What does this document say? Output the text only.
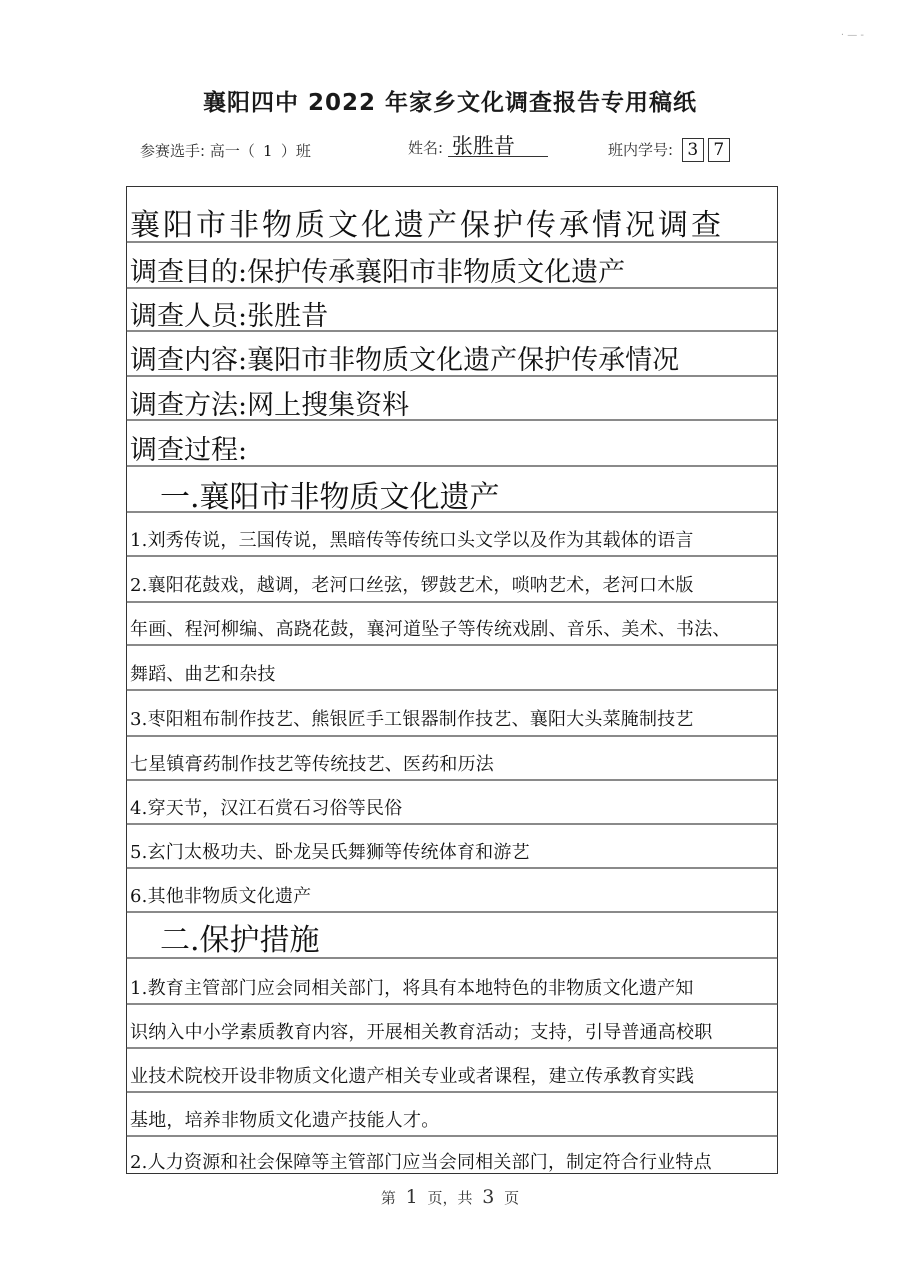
· — -
襄阳四中 2022 年家乡文化调查报告专用稿纸
参赛选手: 高一（ 1 ）班	姓名: 张胜昔	班内学号: 3 7
襄阳市非物质文化遗产保护传承情况调查
调查目的:保护传承襄阳市非物质文化遗产
调查人员:张胜昔
调查内容:襄阳市非物质文化遗产保护传承情况
调查方法:网上搜集资料
调查过程:
一.襄阳市非物质文化遗产
1.刘秀传说，三国传说，黑暗传等传统口头文学以及作为其载体的语言
2.襄阳花鼓戏，越调，老河口丝弦，锣鼓艺术，唢呐艺术，老河口木版
年画、程河柳编、高跷花鼓，襄河道坠子等传统戏剧、音乐、美术、书法、
舞蹈、曲艺和杂技
3.枣阳粗布制作技艺、熊银匠手工银器制作技艺、襄阳大头菜腌制技艺
七星镇膏药制作技艺等传统技艺、医药和历法
4.穿天节，汉江石赏石习俗等民俗
5.玄门太极功夫、卧龙吴氏舞狮等传统体育和游艺
6.其他非物质文化遗产
二.保护措施
1.教育主管部门应会同相关部门，将具有本地特色的非物质文化遗产知
识纳入中小学素质教育内容，开展相关教育活动；支持，引导普通高校职
业技术院校开设非物质文化遗产相关专业或者课程，建立传承教育实践
基地，培养非物质文化遗产技能人才。
2.人力资源和社会保障等主管部门应当会同相关部门，制定符合行业特点
第 1 页，共 3 页
